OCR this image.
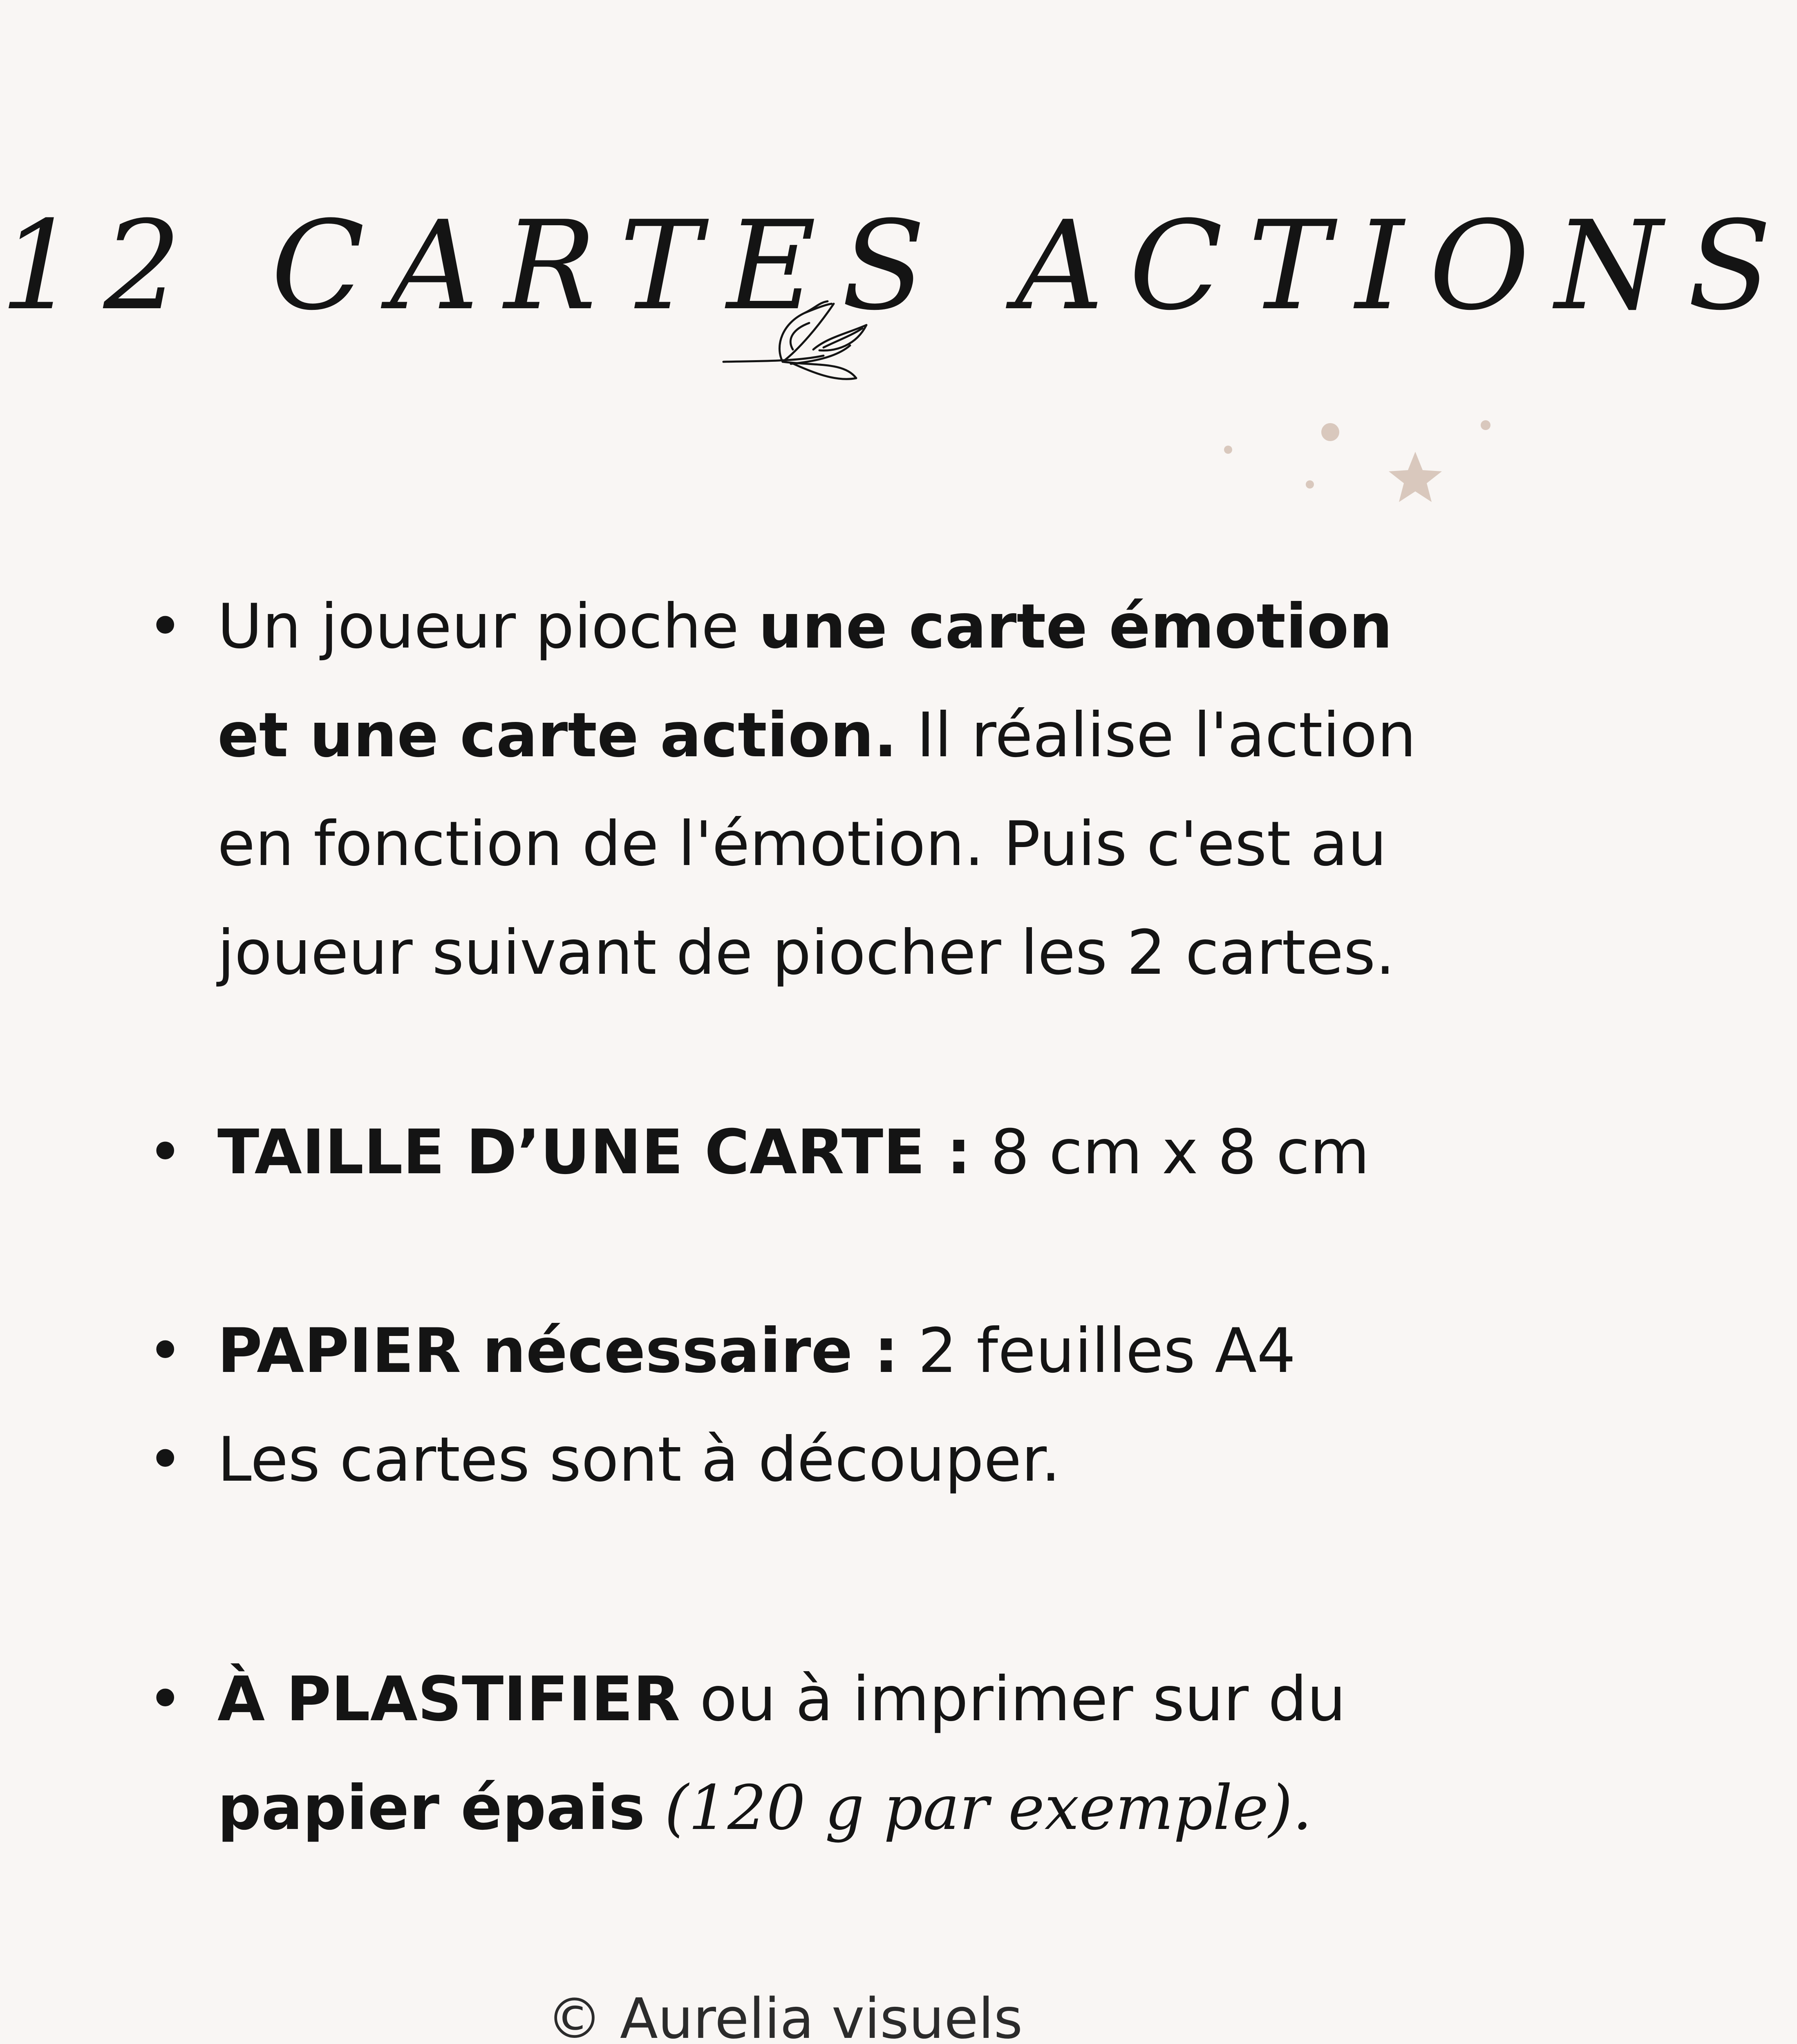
12 CARTES ACTIONS
• Un joueur pioche une carte émotion et une carte action. Il réalise l'action en fonction de l'émotion. Puis c'est au joueur suivant de piocher les 2 cartes.
• TAILLE D’UNE CARTE : 8 cm x 8 cm
• PAPIER nécessaire : 2 feuilles A4
• Les cartes sont à découper.
• À PLASTIFIER ou à imprimer sur du papier épais (120 g par exemple).
© Aurelia visuels
